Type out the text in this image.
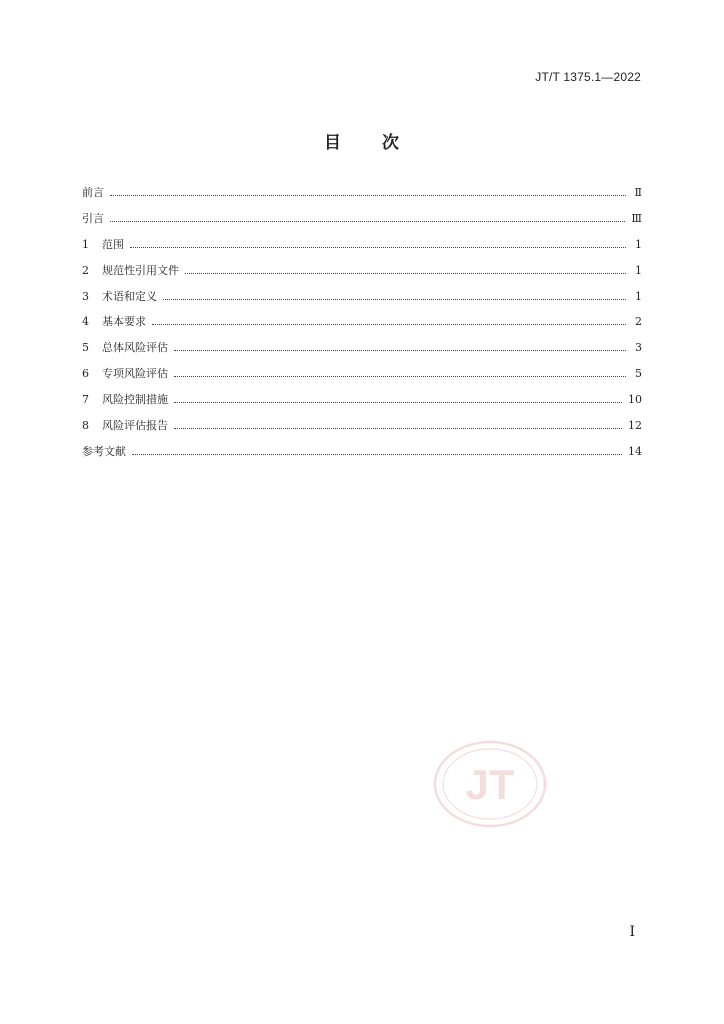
JT/T 1375.1—2022
目 次
前言	Ⅱ
引言	Ⅲ
1	范围	1
2	规范性引用文件	1
3	术语和定义	1
4	基本要求	2
5	总体风险评估	3
6	专项风险评估	5
7	风险控制措施	10
8	风险评估报告	12
参考文献	14
JT
I
